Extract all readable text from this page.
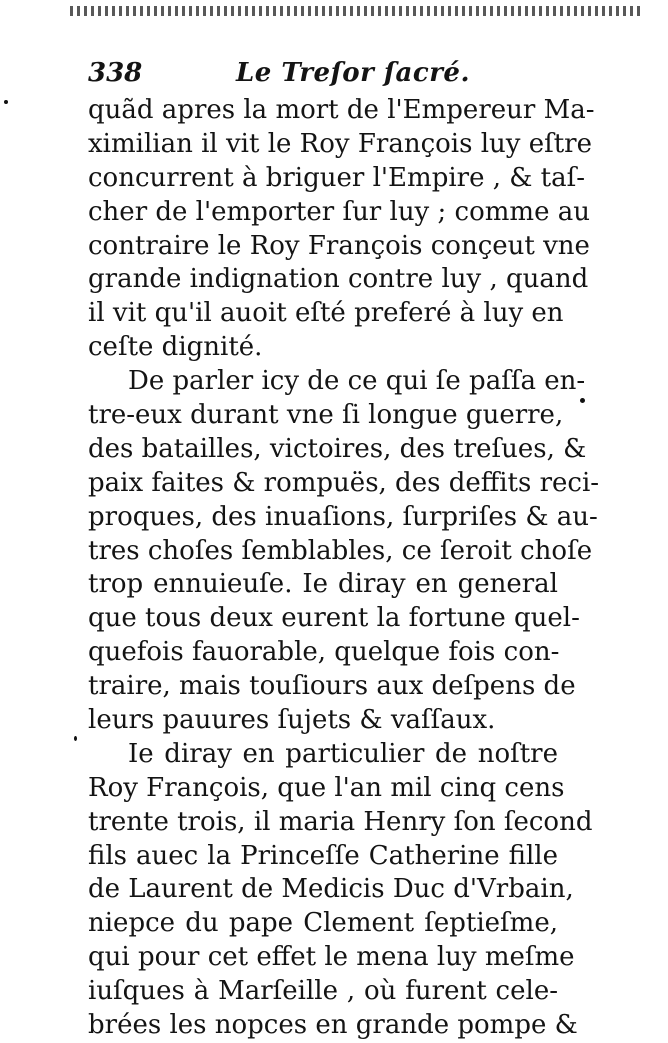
338	Le Treſor ſacré.
quãd apres la mort de l'Empereur Ma-
ximilian il vit le Roy François luy eſtre
concurrent à briguer l'Empire , & taſ-
cher de l'emporter ſur luy ; comme au
contraire le Roy François conçeut vne
grande indignation contre luy , quand
il vit qu'il auoit eſté preferé à luy en
ceſte dignité.
De parler icy de ce qui ſe paſſa en-
tre-eux durant vne ſi longue guerre,
des batailles, victoires, des treſues, &
paix faites & rompuës, des deffits reci-
proques, des inuaſions, ſurpriſes & au-
tres choſes ſemblables, ce ſeroit choſe
trop ennuieuſe. Ie diray en general
que tous deux eurent la fortune quel-
quefois fauorable, quelque fois con-
traire, mais touſiours aux deſpens de
leurs pauures ſujets & vaſſaux.
Ie diray en particulier de noſtre
Roy François, que l'an mil cinq cens
trente trois, il maria Henry ſon ſecond
fils auec la Princeſſe Catherine fille
de Laurent de Medicis Duc d'Vrbain,
niepce du pape Clement ſeptieſme,
qui pour cet effet le mena luy meſme
iuſques à Marſeille , où furent cele-
brées les nopces en grande pompe &
